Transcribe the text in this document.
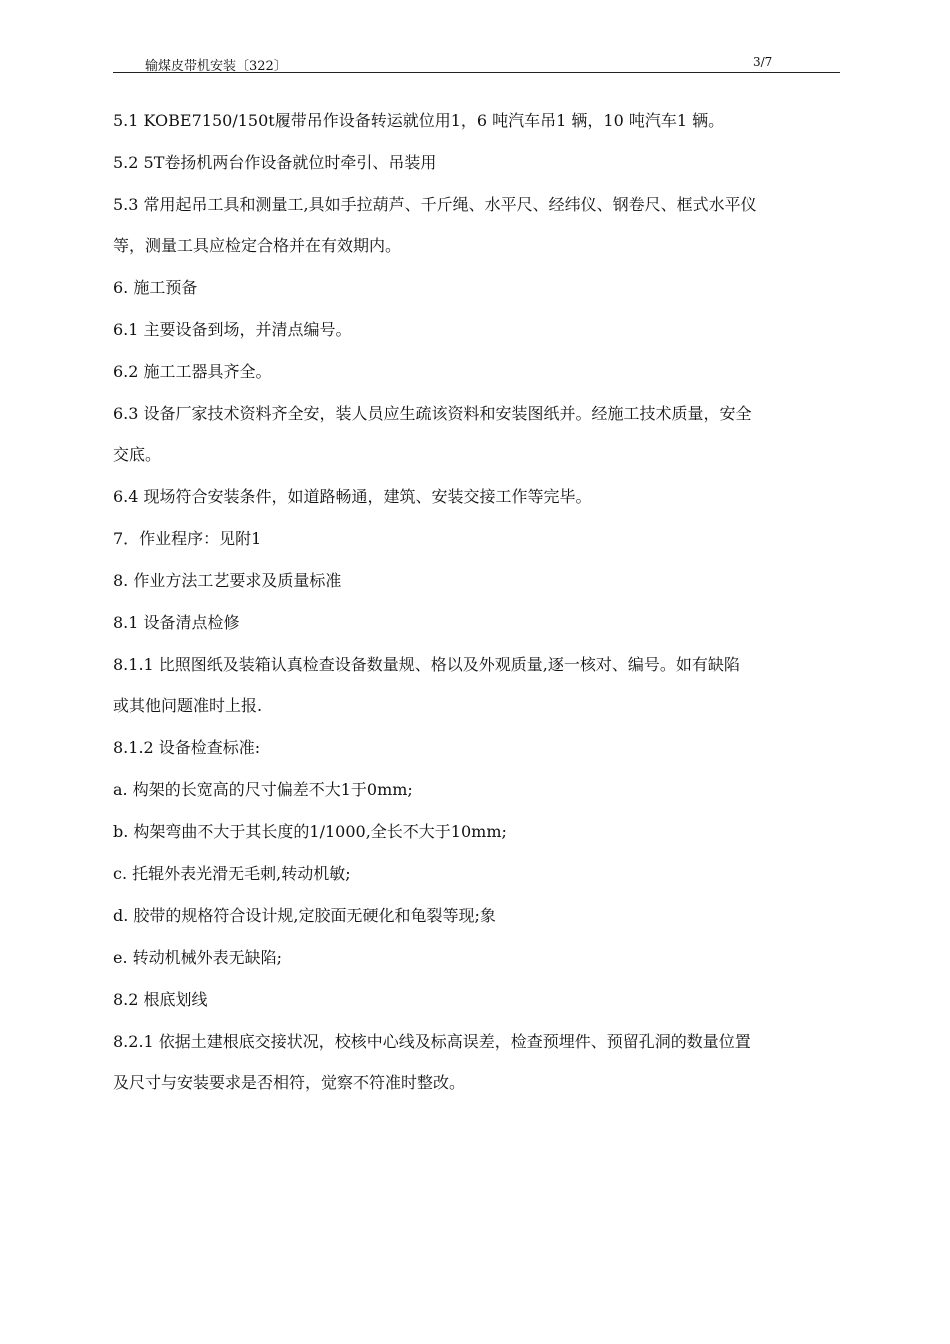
输煤皮带机安装〔322〕	3/7
5.1 KOBE7150/150t履带吊作设备转运就位用1，6 吨汽车吊1 辆，10 吨汽车1 辆。
5.2 5T卷扬机两台作设备就位时牵引、吊装用
5.3 常用起吊工具和测量工,具如手拉葫芦、千斤绳、水平尺、经纬仪、钢卷尺、框式水平仪
等，测量工具应检定合格并在有效期内。
6. 施工预备
6.1 主要设备到场，并清点编号。
6.2 施工工器具齐全。
6.3 设备厂家技术资料齐全安，装人员应生疏该资料和安装图纸并。经施工技术质量，安全
交底。
6.4 现场符合安装条件，如道路畅通，建筑、安装交接工作等完毕。
7．作业程序：见附1
8. 作业方法工艺要求及质量标准
8.1 设备清点检修
8.1.1 比照图纸及装箱认真检查设备数量规、格以及外观质量,逐一核对、编号。如有缺陷
或其他问题准时上报.
8.1.2 设备检查标准:
a. 构架的长宽高的尺寸偏差不大1于0mm;
b. 构架弯曲不大于其长度的1/1000,全长不大于10mm;
c. 托辊外表光滑无毛刺,转动机敏;
d. 胶带的规格符合设计规,定胶面无硬化和龟裂等现;象
e. 转动机械外表无缺陷;
8.2 根底划线
8.2.1 依据土建根底交接状况，校核中心线及标高误差，检查预埋件、预留孔洞的数量位置
及尺寸与安装要求是否相符，觉察不符准时整改。
